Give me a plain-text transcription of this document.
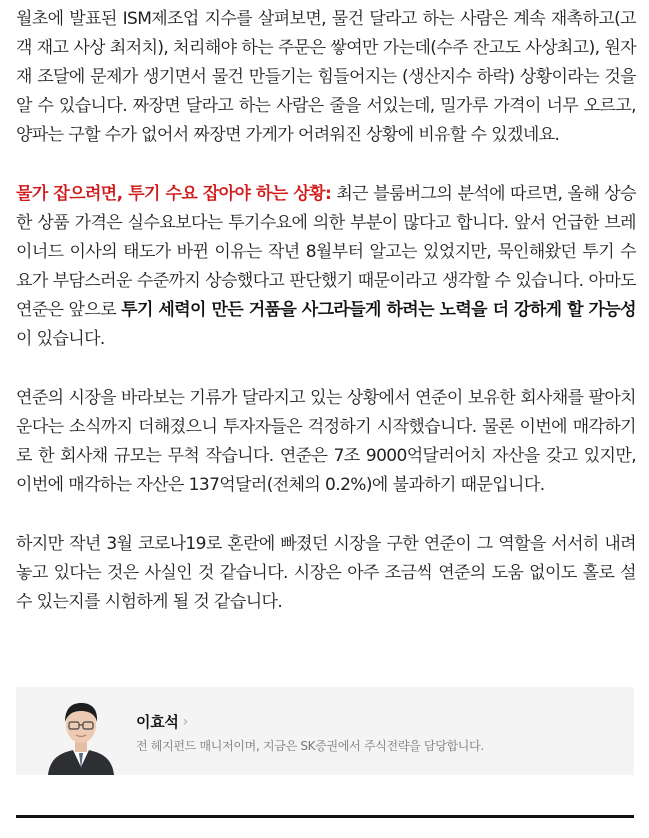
월초에 발표된 ISM제조업 지수를 살펴보면, 물건 달라고 하는 사람은 계속 재촉하고(고객 재고 사상 최저치), 처리해야 하는 주문은 쌓여만 가는데(수주 잔고도 사상최고), 원자재 조달에 문제가 생기면서 물건 만들기는 힘들어지는 (생산지수 하락) 상황이라는 것을 알 수 있습니다. 짜장면 달라고 하는 사람은 줄을 서있는데, 밀가루 가격이 너무 오르고, 양파는 구할 수가 없어서 짜장면 가게가 어려워진 상황에 비유할 수 있겠네요.

물가 잡으려면, 투기 수요 잡아야 하는 상황: 최근 블룸버그의 분석에 따르면, 올해 상승한 상품 가격은 실수요보다는 투기수요에 의한 부분이 많다고 합니다. 앞서 언급한 브레이너드 이사의 태도가 바뀐 이유는 작년 8월부터 알고는 있었지만, 묵인해왔던 투기 수요가 부담스러운 수준까지 상승했다고 판단했기 때문이라고 생각할 수 있습니다. 아마도 연준은 앞으로 투기 세력이 만든 거품을 사그라들게 하려는 노력을 더 강하게 할 가능성이 있습니다.

연준의 시장을 바라보는 기류가 달라지고 있는 상황에서 연준이 보유한 회사채를 팔아치운다는 소식까지 더해졌으니 투자자들은 걱정하기 시작했습니다. 물론 이번에 매각하기로 한 회사채 규모는 무척 작습니다. 연준은 7조 9000억달러어치 자산을 갖고 있지만, 이번에 매각하는 자산은 137억달러(전체의 0.2%)에 불과하기 때문입니다.

하지만 작년 3월 코로나19로 혼란에 빠졌던 시장을 구한 연준이 그 역할을 서서히 내려놓고 있다는 것은 사실인 것 같습니다. 시장은 아주 조금씩 연준의 도움 없이도 홀로 설 수 있는지를 시험하게 될 것 같습니다.

이효석 ›
전 헤지펀드 매니저이며, 지금은 SK증권에서 주식전략을 담당합니다.
